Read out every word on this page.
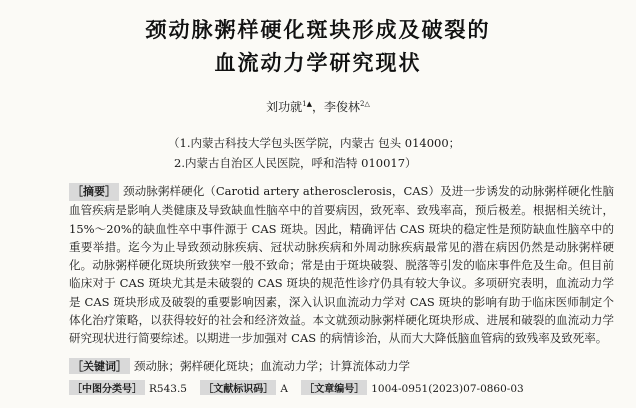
颈动脉粥样硬化斑块形成及破裂的
血流动力学研究现状
刘功就$^{1▲}$，李俊林$^{2\triangle}$
（1.内蒙古科技大学包头医学院，内蒙古 包头 014000；
2.内蒙古自治区人民医院，呼和浩特 010017）
［摘要］ 颈动脉粥样硬化（Carotid artery atherosclerosis，CAS）及进一步诱发的动脉粥样硬化性脑血管疾病是影响人类健康及导致缺血性脑卒中的首要病因，致死率、致残率高，预后极差。根据相关统计，15%～20%的缺血性卒中事件源于 CAS 斑块。因此，精确评估 CAS 斑块的稳定性是预防缺血性脑卒中的重要举措。迄今为止导致颈动脉疾病、冠状动脉疾病和外周动脉疾病最常见的潜在病因仍然是动脉粥样硬化。动脉粥样硬化斑块所致狭窄一般不致命；常是由于斑块破裂、脱落等引发的临床事件危及生命。但目前临床对于 CAS 斑块尤其是未破裂的 CAS 斑块的规范性诊疗仍具有较大争议。多项研究表明，血流动力学是 CAS 斑块形成及破裂的重要影响因素，深入认识血流动力学对 CAS 斑块的影响有助于临床医师制定个体化治疗策略，以获得较好的社会和经济效益。本文就颈动脉粥样硬化斑块形成、进展和破裂的血流动力学研究现状进行简要综述。以期进一步加强对 CAS 的病情诊治，从而大大降低脑血管病的致残率及致死率。
［关键词］ 颈动脉；粥样硬化斑块；血流动力学；计算流体动力学
［中图分类号］ R543.5 ［文献标识码］ A ［文章编号］ 1004-0951(2023)07-0860-03
